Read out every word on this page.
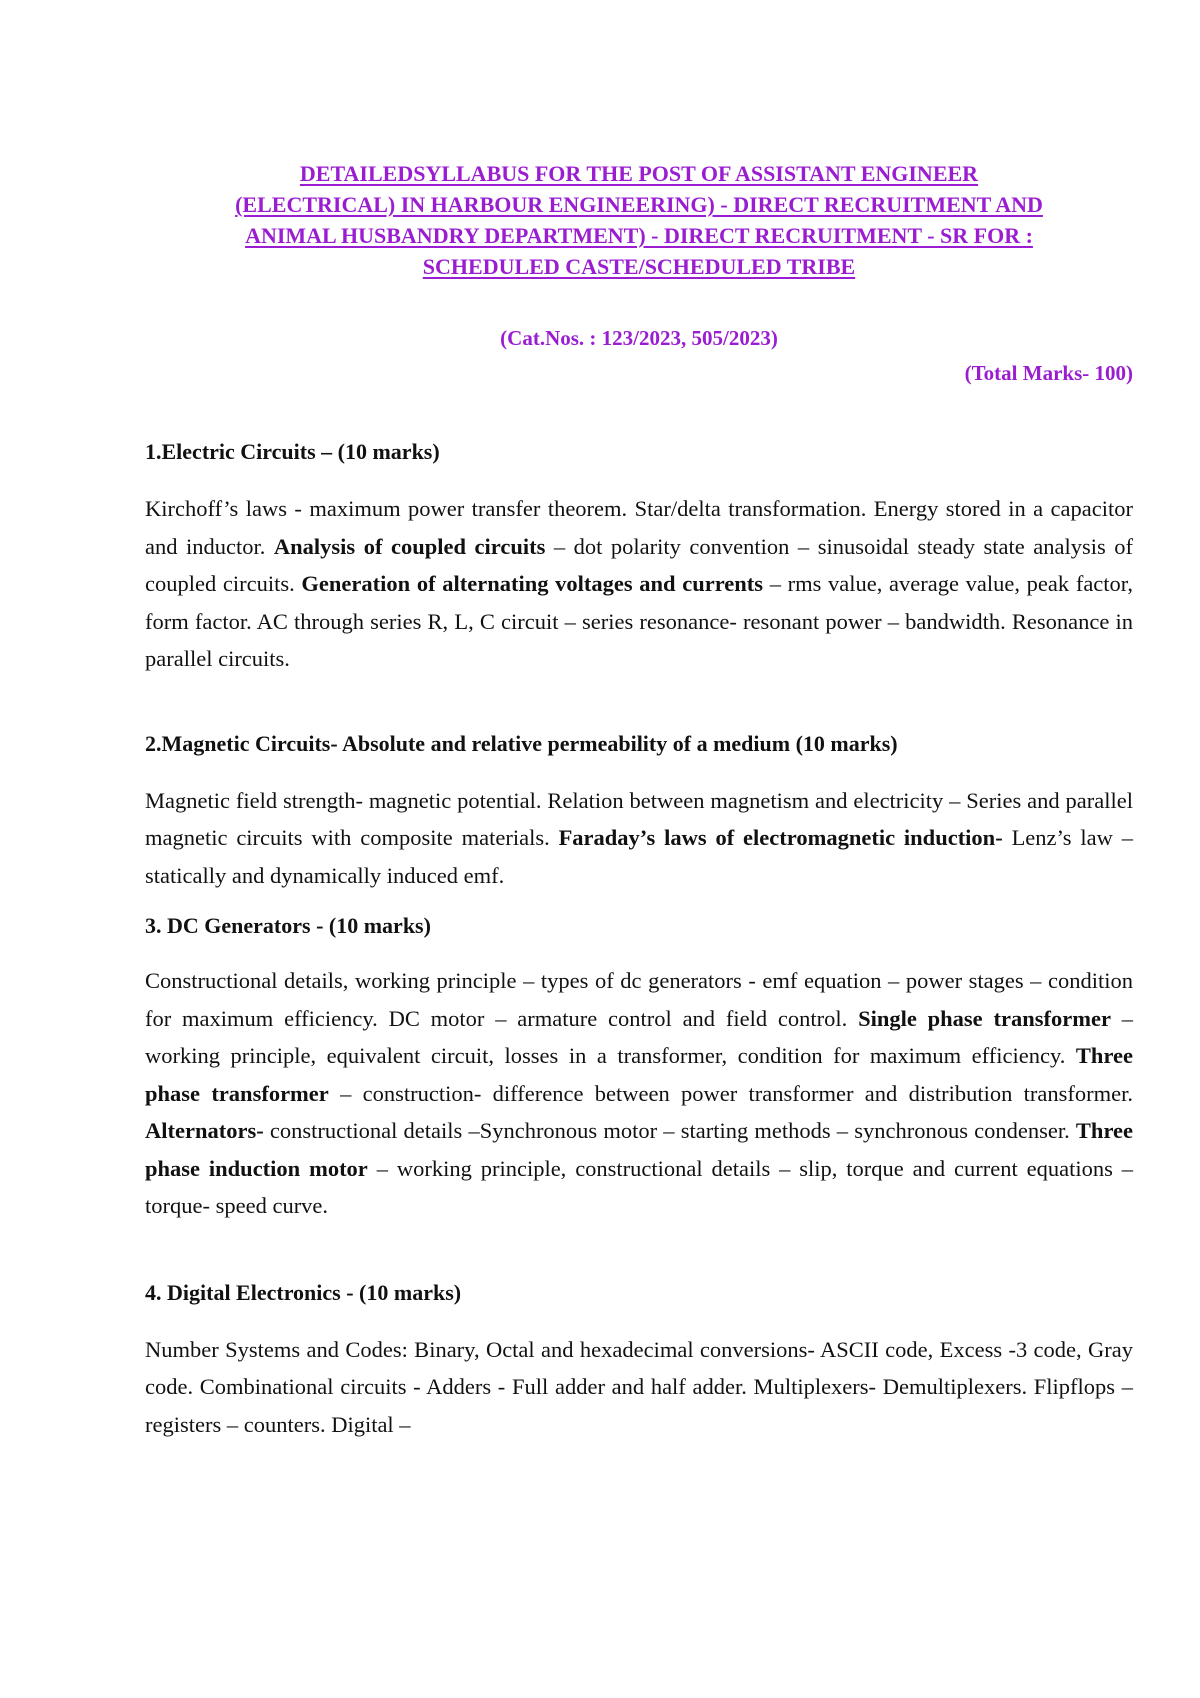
DETAILEDSYLLABUS FOR THE POST OF ASSISTANT ENGINEER
(ELECTRICAL) IN HARBOUR ENGINEERING) - DIRECT RECRUITMENT AND
ANIMAL HUSBANDRY DEPARTMENT) - DIRECT RECRUITMENT - SR FOR :
SCHEDULED CASTE/SCHEDULED TRIBE
(Cat.Nos. : 123/2023, 505/2023)
(Total Marks- 100)
1.Electric Circuits – (10 marks)

Kirchoff’s laws - maximum power transfer theorem. Star/delta transformation. Energy stored in a capacitor and inductor. Analysis of coupled circuits – dot polarity convention – sinusoidal steady state analysis of coupled circuits. Generation of alternating voltages and currents – rms value, average value, peak factor, form factor. AC through series R, L, C circuit – series resonance- resonant power – bandwidth. Resonance in parallel circuits.

2.Magnetic Circuits- Absolute and relative permeability of a medium (10 marks)

Magnetic field strength- magnetic potential. Relation between magnetism and electricity – Series and parallel magnetic circuits with composite materials. Faraday’s laws of electromagnetic induction- Lenz’s law – statically and dynamically induced emf.

3. DC Generators - (10 marks)

Constructional details, working principle – types of dc generators - emf equation – power stages – condition for maximum efficiency. DC motor – armature control and field control. Single phase transformer – working principle, equivalent circuit, losses in a transformer, condition for maximum efficiency. Three phase transformer – construction- difference between power transformer and distribution transformer. Alternators- constructional details –Synchronous motor – starting methods – synchronous condenser. Three phase induction motor – working principle, constructional details – slip, torque and current equations – torque- speed curve.

4. Digital Electronics - (10 marks)

Number Systems and Codes: Binary, Octal and hexadecimal conversions- ASCII code, Excess -3 code, Gray code. Combinational circuits - Adders - Full adder and half adder. Multiplexers- Demultiplexers. Flipflops – registers – counters. Digital –
